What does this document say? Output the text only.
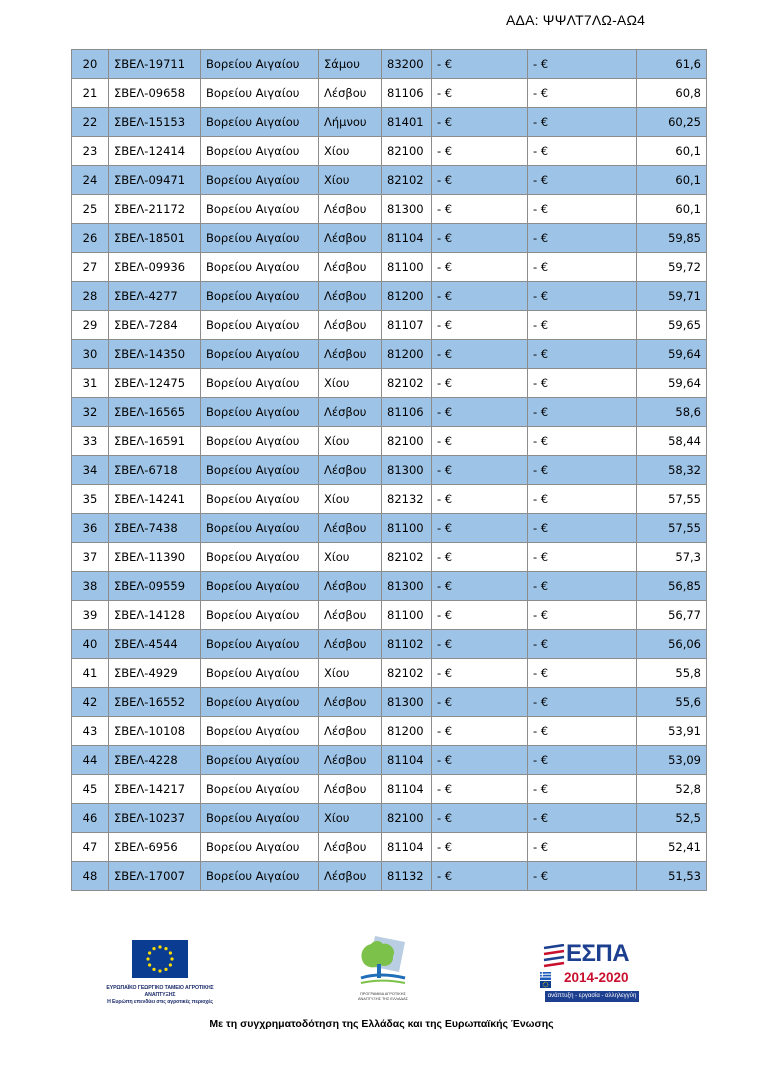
ΑΔΑ: ΨΨΛΤ7ΛΩ-ΑΩ4
20	ΣΒΕΛ-19711	Βορείου Αιγαίου	Σάμου	83200	- €	- €	61,6
21	ΣΒΕΛ-09658	Βορείου Αιγαίου	Λέσβου	81106	- €	- €	60,8
22	ΣΒΕΛ-15153	Βορείου Αιγαίου	Λήμνου	81401	- €	- €	60,25
23	ΣΒΕΛ-12414	Βορείου Αιγαίου	Χίου	82100	- €	- €	60,1
24	ΣΒΕΛ-09471	Βορείου Αιγαίου	Χίου	82102	- €	- €	60,1
25	ΣΒΕΛ-21172	Βορείου Αιγαίου	Λέσβου	81300	- €	- €	60,1
26	ΣΒΕΛ-18501	Βορείου Αιγαίου	Λέσβου	81104	- €	- €	59,85
27	ΣΒΕΛ-09936	Βορείου Αιγαίου	Λέσβου	81100	- €	- €	59,72
28	ΣΒΕΛ-4277	Βορείου Αιγαίου	Λέσβου	81200	- €	- €	59,71
29	ΣΒΕΛ-7284	Βορείου Αιγαίου	Λέσβου	81107	- €	- €	59,65
30	ΣΒΕΛ-14350	Βορείου Αιγαίου	Λέσβου	81200	- €	- €	59,64
31	ΣΒΕΛ-12475	Βορείου Αιγαίου	Χίου	82102	- €	- €	59,64
32	ΣΒΕΛ-16565	Βορείου Αιγαίου	Λέσβου	81106	- €	- €	58,6
33	ΣΒΕΛ-16591	Βορείου Αιγαίου	Χίου	82100	- €	- €	58,44
34	ΣΒΕΛ-6718	Βορείου Αιγαίου	Λέσβου	81300	- €	- €	58,32
35	ΣΒΕΛ-14241	Βορείου Αιγαίου	Χίου	82132	- €	- €	57,55
36	ΣΒΕΛ-7438	Βορείου Αιγαίου	Λέσβου	81100	- €	- €	57,55
37	ΣΒΕΛ-11390	Βορείου Αιγαίου	Χίου	82102	- €	- €	57,3
38	ΣΒΕΛ-09559	Βορείου Αιγαίου	Λέσβου	81300	- €	- €	56,85
39	ΣΒΕΛ-14128	Βορείου Αιγαίου	Λέσβου	81100	- €	- €	56,77
40	ΣΒΕΛ-4544	Βορείου Αιγαίου	Λέσβου	81102	- €	- €	56,06
41	ΣΒΕΛ-4929	Βορείου Αιγαίου	Χίου	82102	- €	- €	55,8
42	ΣΒΕΛ-16552	Βορείου Αιγαίου	Λέσβου	81300	- €	- €	55,6
43	ΣΒΕΛ-10108	Βορείου Αιγαίου	Λέσβου	81200	- €	- €	53,91
44	ΣΒΕΛ-4228	Βορείου Αιγαίου	Λέσβου	81104	- €	- €	53,09
45	ΣΒΕΛ-14217	Βορείου Αιγαίου	Λέσβου	81104	- €	- €	52,8
46	ΣΒΕΛ-10237	Βορείου Αιγαίου	Χίου	82100	- €	- €	52,5
47	ΣΒΕΛ-6956	Βορείου Αιγαίου	Λέσβου	81104	- €	- €	52,41
48	ΣΒΕΛ-17007	Βορείου Αιγαίου	Λέσβου	81132	- €	- €	51,53
ΕΥΡΩΠΑΪΚΟ ΓΕΩΡΓΙΚΟ ΤΑΜΕΙΟ ΑΓΡΟΤΙΚΗΣ ΑΝΑΠΤΥΞΗΣ
Η Ευρώπη επενδύει στις αγροτικές περιοχές
ΠΡΟΓΡΑΜΜΑ ΑΓΡΟΤΙΚΗΣ ΑΝΑΠΤΥΞΗΣ ΤΗΣ ΕΛΛΑΔΑΣ
ΕΣΠΑ
2014-2020
ανάπτυξη - εργασία - αλληλεγγύη
Με τη συγχρηματοδότηση της Ελλάδας και της Ευρωπαϊκής Ένωσης
